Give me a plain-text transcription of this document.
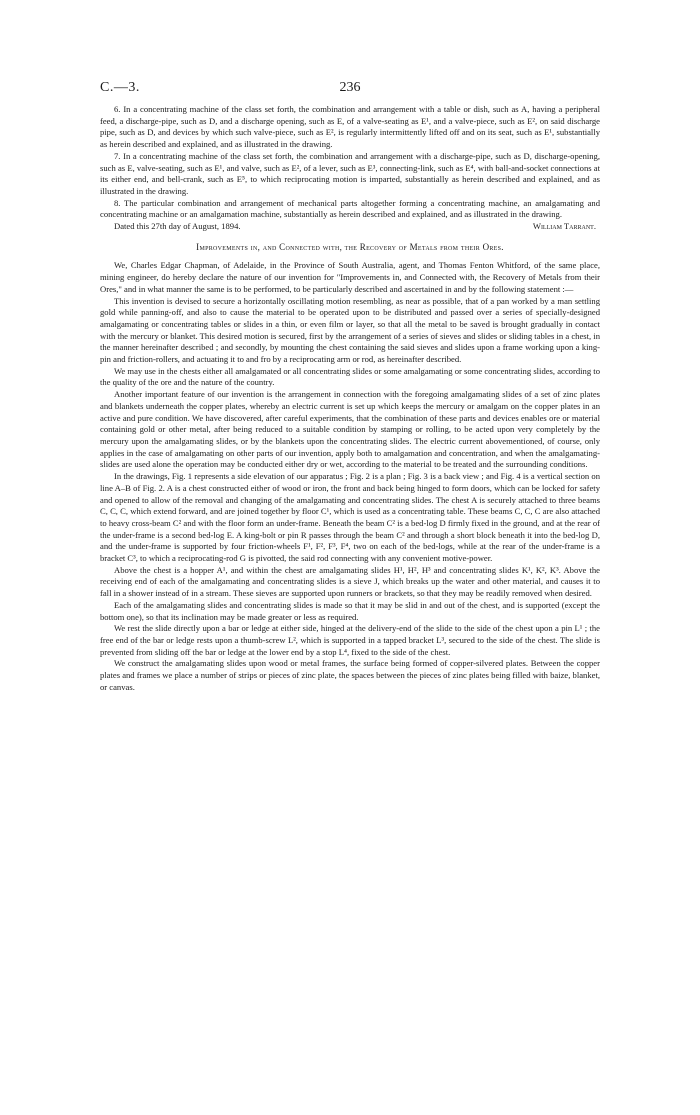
C.—3.	236

6. In a concentrating machine of the class set forth, the combination and arrangement with a table or dish, such as A, having a peripheral feed, a discharge-pipe, such as D, and a discharge opening, such as E, of a valve-seating as E¹, and a valve-piece, such as E², on said discharge pipe, such as D, and devices by which such valve-piece, such as E², is regularly intermittently lifted off and on its seat, such as E¹, substantially as herein described and explained, and as illustrated in the drawing.

7. In a concentrating machine of the class set forth, the combination and arrangement with a discharge-pipe, such as D, discharge-opening, such as E, valve-seating, such as E¹, and valve, such as E², of a lever, such as E³, connecting-link, such as E⁴, with ball-and-socket connections at its either end, and bell-crank, such as E⁵, to which reciprocating motion is imparted, substantially as herein described and explained, and as illustrated in the drawing.

8. The particular combination and arrangement of mechanical parts altogether forming a concentrating machine, an amalgamating and concentrating machine or an amalgamation machine, substantially as herein described and explained, and as illustrated in the drawing.

Dated this 27th day of August, 1894.	William Tarrant.
Improvements in, and Connected with, the Recovery of Metals from their Ores.

We, Charles Edgar Chapman, of Adelaide, in the Province of South Australia, agent, and Thomas Fenton Whitford, of the same place, mining engineer, do hereby declare the nature of our invention for "Improvements in, and Connected with, the Recovery of Metals from their Ores," and in what manner the same is to be performed, to be particularly described and ascertained in and by the following statement :—

This invention is devised to secure a horizontally oscillating motion resembling, as near as possible, that of a pan worked by a man settling gold while panning-off, and also to cause the material to be operated upon to be distributed and passed over a series of specially-designed amalgamating or concentrating tables or slides in a thin, or even film or layer, so that all the metal to be saved is brought gradually in contact with the mercury or blanket. This desired motion is secured, first by the arrangement of a series of sieves and slides or sliding tables in a chest, in the manner hereinafter described ; and secondly, by mounting the chest containing the said sieves and slides upon a frame working upon a king-pin and friction-rollers, and actuating it to and fro by a reciprocating arm or rod, as hereinafter described.

We may use in the chests either all amalgamated or all concentrating slides or some amalgamating or some concentrating slides, according to the quality of the ore and the nature of the country.

Another important feature of our invention is the arrangement in connection with the foregoing amalgamating slides of a set of zinc plates and blankets underneath the copper plates, whereby an electric current is set up which keeps the mercury or amalgam on the copper plates in an active and pure condition. We have discovered, after careful experiments, that the combination of these parts and devices enables ore or material containing gold or other metal, after being reduced to a suitable condition by stamping or rolling, to be acted upon very completely by the mercury upon the amalgamating slides, or by the blankets upon the concentrating slides. The electric current abovementioned, of course, only applies in the case of amalgamating on other parts of our invention, apply both to amalgamation and concentration, and when the amalgamating-slides are used alone the operation may be conducted either dry or wet, according to the material to be treated and the surrounding conditions.

In the drawings, Fig. 1 represents a side elevation of our apparatus ; Fig. 2 is a plan ; Fig. 3 is a back view ; and Fig. 4 is a vertical section on line A–B of Fig. 2. A is a chest constructed either of wood or iron, the front and back being hinged to form doors, which can be locked for safety and opened to allow of the removal and changing of the amalgamating and concentrating slides. The chest A is securely attached to three beams C, C, C, which extend forward, and are joined together by floor C¹, which is used as a concentrating table. These beams C, C, C are also attached to heavy cross-beam C² and with the floor form an under-frame. Beneath the beam C² is a bed-log D firmly fixed in the ground, and at the rear of the under-frame is a second bed-log E. A king-bolt or pin R passes through the beam C² and through a short block beneath it into the bed-log D, and the under-frame is supported by four friction-wheels F¹, F², F³, F⁴, two on each of the bed-logs, while at the rear of the under-frame is a bracket C³, to which a reciprocating-rod G is pivotted, the said rod connecting with any convenient motive-power.

Above the chest is a hopper A¹, and within the chest are amalgamating slides H¹, H², H³ and concentrating slides K¹, K², K³. Above the receiving end of each of the amalgamating and concentrating slides is a sieve J, which breaks up the water and other material, and causes it to fall in a shower instead of in a stream. These sieves are supported upon runners or brackets, so that they may be readily removed when desired.

Each of the amalgamating slides and concentrating slides is made so that it may be slid in and out of the chest, and is supported (except the bottom one), so that its inclination may be made greater or less as required.

We rest the slide directly upon a bar or ledge at either side, hinged at the delivery-end of the slide to the side of the chest upon a pin L¹ ; the free end of the bar or ledge rests upon a thumb-screw L², which is supported in a tapped bracket L³, secured to the side of the chest. The slide is prevented from sliding off the bar or ledge at the lower end by a stop L⁴, fixed to the side of the chest.

We construct the amalgamating slides upon wood or metal frames, the surface being formed of copper-silvered plates. Between the copper plates and frames we place a number of strips or pieces of zinc plate, the spaces between the pieces of zinc plates being filled with baize, blanket, or canvas.
